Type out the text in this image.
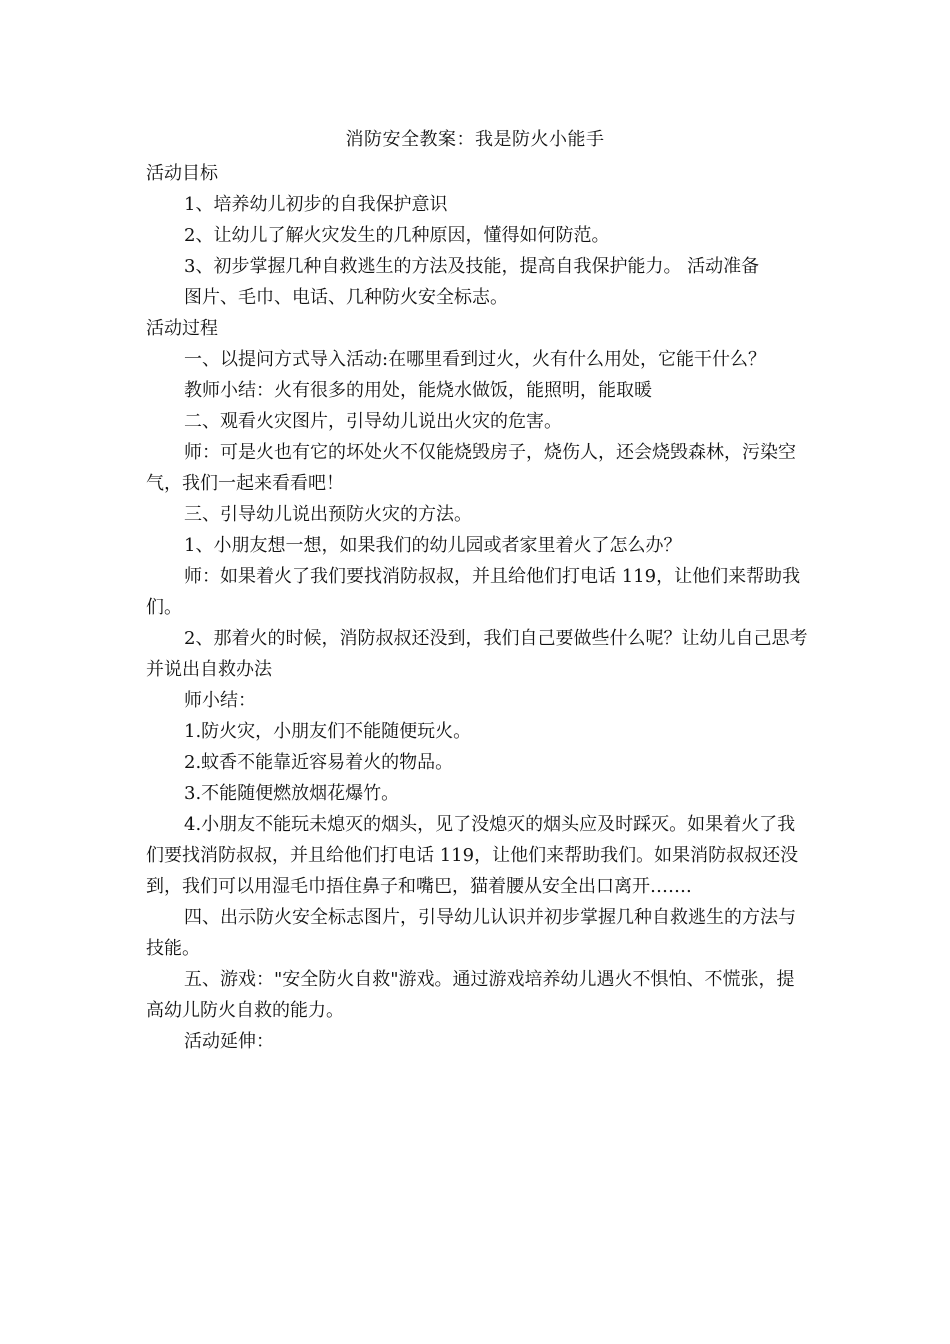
消防安全教案：我是防火小能手

活动目标

1、培养幼儿初步的自我保护意识

2、让幼儿了解火灾发生的几种原因，懂得如何防范。

3、初步掌握几种自救逃生的方法及技能，提高自我保护能力。 活动准备

图片、毛巾、电话、几种防火安全标志。

活动过程

一、以提问方式导入活动:在哪里看到过火，火有什么用处，它能干什么？

教师小结：火有很多的用处，能烧水做饭，能照明，能取暖

二、观看火灾图片，引导幼儿说出火灾的危害。

师：可是火也有它的坏处火不仅能烧毁房子，烧伤人，还会烧毁森林，污染空气，我们一起来看看吧！

三、引导幼儿说出预防火灾的方法。

1、小朋友想一想，如果我们的幼儿园或者家里着火了怎么办？

师：如果着火了我们要找消防叔叔，并且给他们打电话 119，让他们来帮助我们。

2、那着火的时候，消防叔叔还没到，我们自己要做些什么呢？让幼儿自己思考并说出自救办法

师小结：

1.防火灾，小朋友们不能随便玩火。

2.蚊香不能靠近容易着火的物品。

3.不能随便燃放烟花爆竹。

4.小朋友不能玩未熄灭的烟头，见了没熄灭的烟头应及时踩灭。如果着火了我们要找消防叔叔，并且给他们打电话 119，让他们来帮助我们。如果消防叔叔还没到，我们可以用湿毛巾捂住鼻子和嘴巴，猫着腰从安全出口离开…….

四、出示防火安全标志图片，引导幼儿认识并初步掌握几种自救逃生的方法与技能。

五、游戏："安全防火自救"游戏。通过游戏培养幼儿遇火不惧怕、不慌张，提高幼儿防火自救的能力。

活动延伸：
